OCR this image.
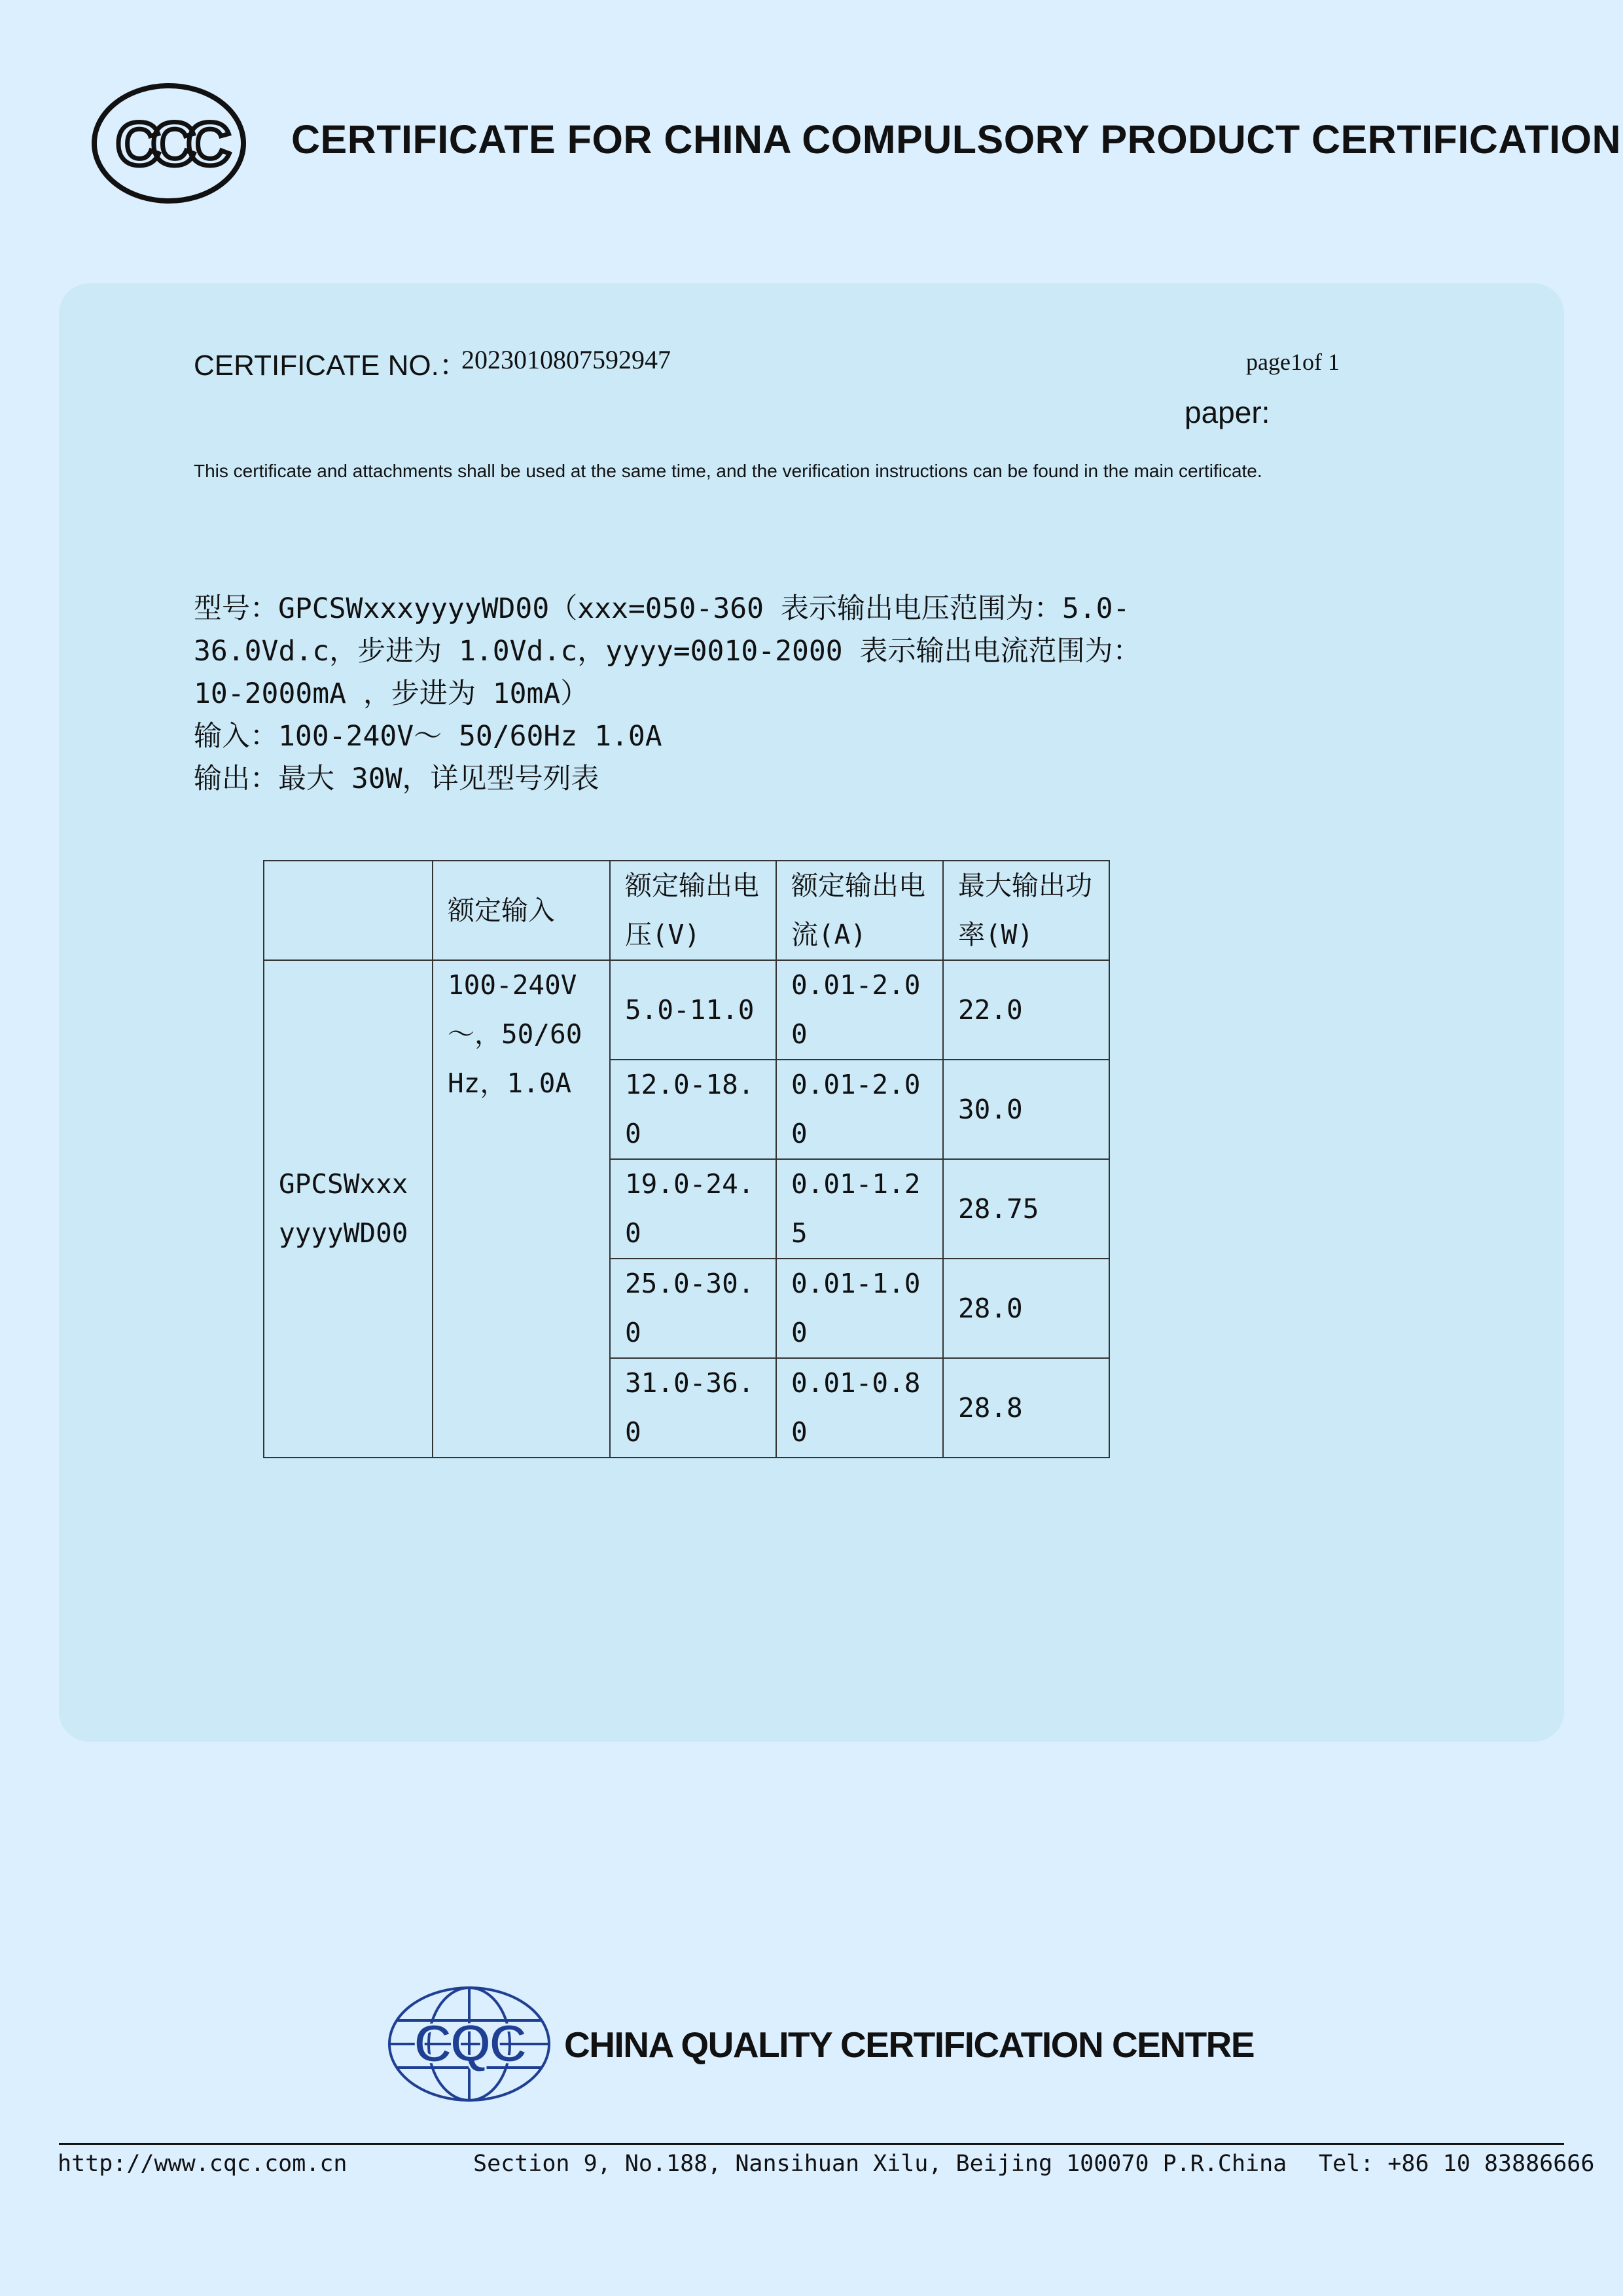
CCC CERTIFICATE FOR CHINA COMPULSORY PRODUCT CERTIFICATION
CERTIFICATE NO.：
2023010807592947	page1of 1
paper:
This certificate and attachments shall be used at the same time, and the verification instructions can be found in the main certificate.
型号：GPCSWxxxyyyyWD00（xxx=050-360 表示输出电压范围为：5.0-
36.0Vd.c，步进为 1.0Vd.c，yyyy=0010-2000 表示输出电流范围为：
10-2000mA ，步进为 10mA）
输入：100-240V～ 50/60Hz 1.0A
输出：最大 30W，详见型号列表
	额定输入	额定输出电压(V)	额定输出电流(A)	最大输出功率(W)
GPCSWxxxyyyyWD00	100-240V～，50/60Hz，1.0A	5.0-11.0	0.01-2.00	22.0
		12.0-18.0	0.01-2.00	30.0
		19.0-24.0	0.01-1.25	28.75
		25.0-30.0	0.01-1.00	28.0
		31.0-36.0	0.01-0.80	28.8
CQC CHINA QUALITY CERTIFICATION CENTRE
http://www.cqc.com.cn	Section 9, No.188, Nansihuan Xilu, Beijing 100070 P.R.China Tel: +86 10 83886666
